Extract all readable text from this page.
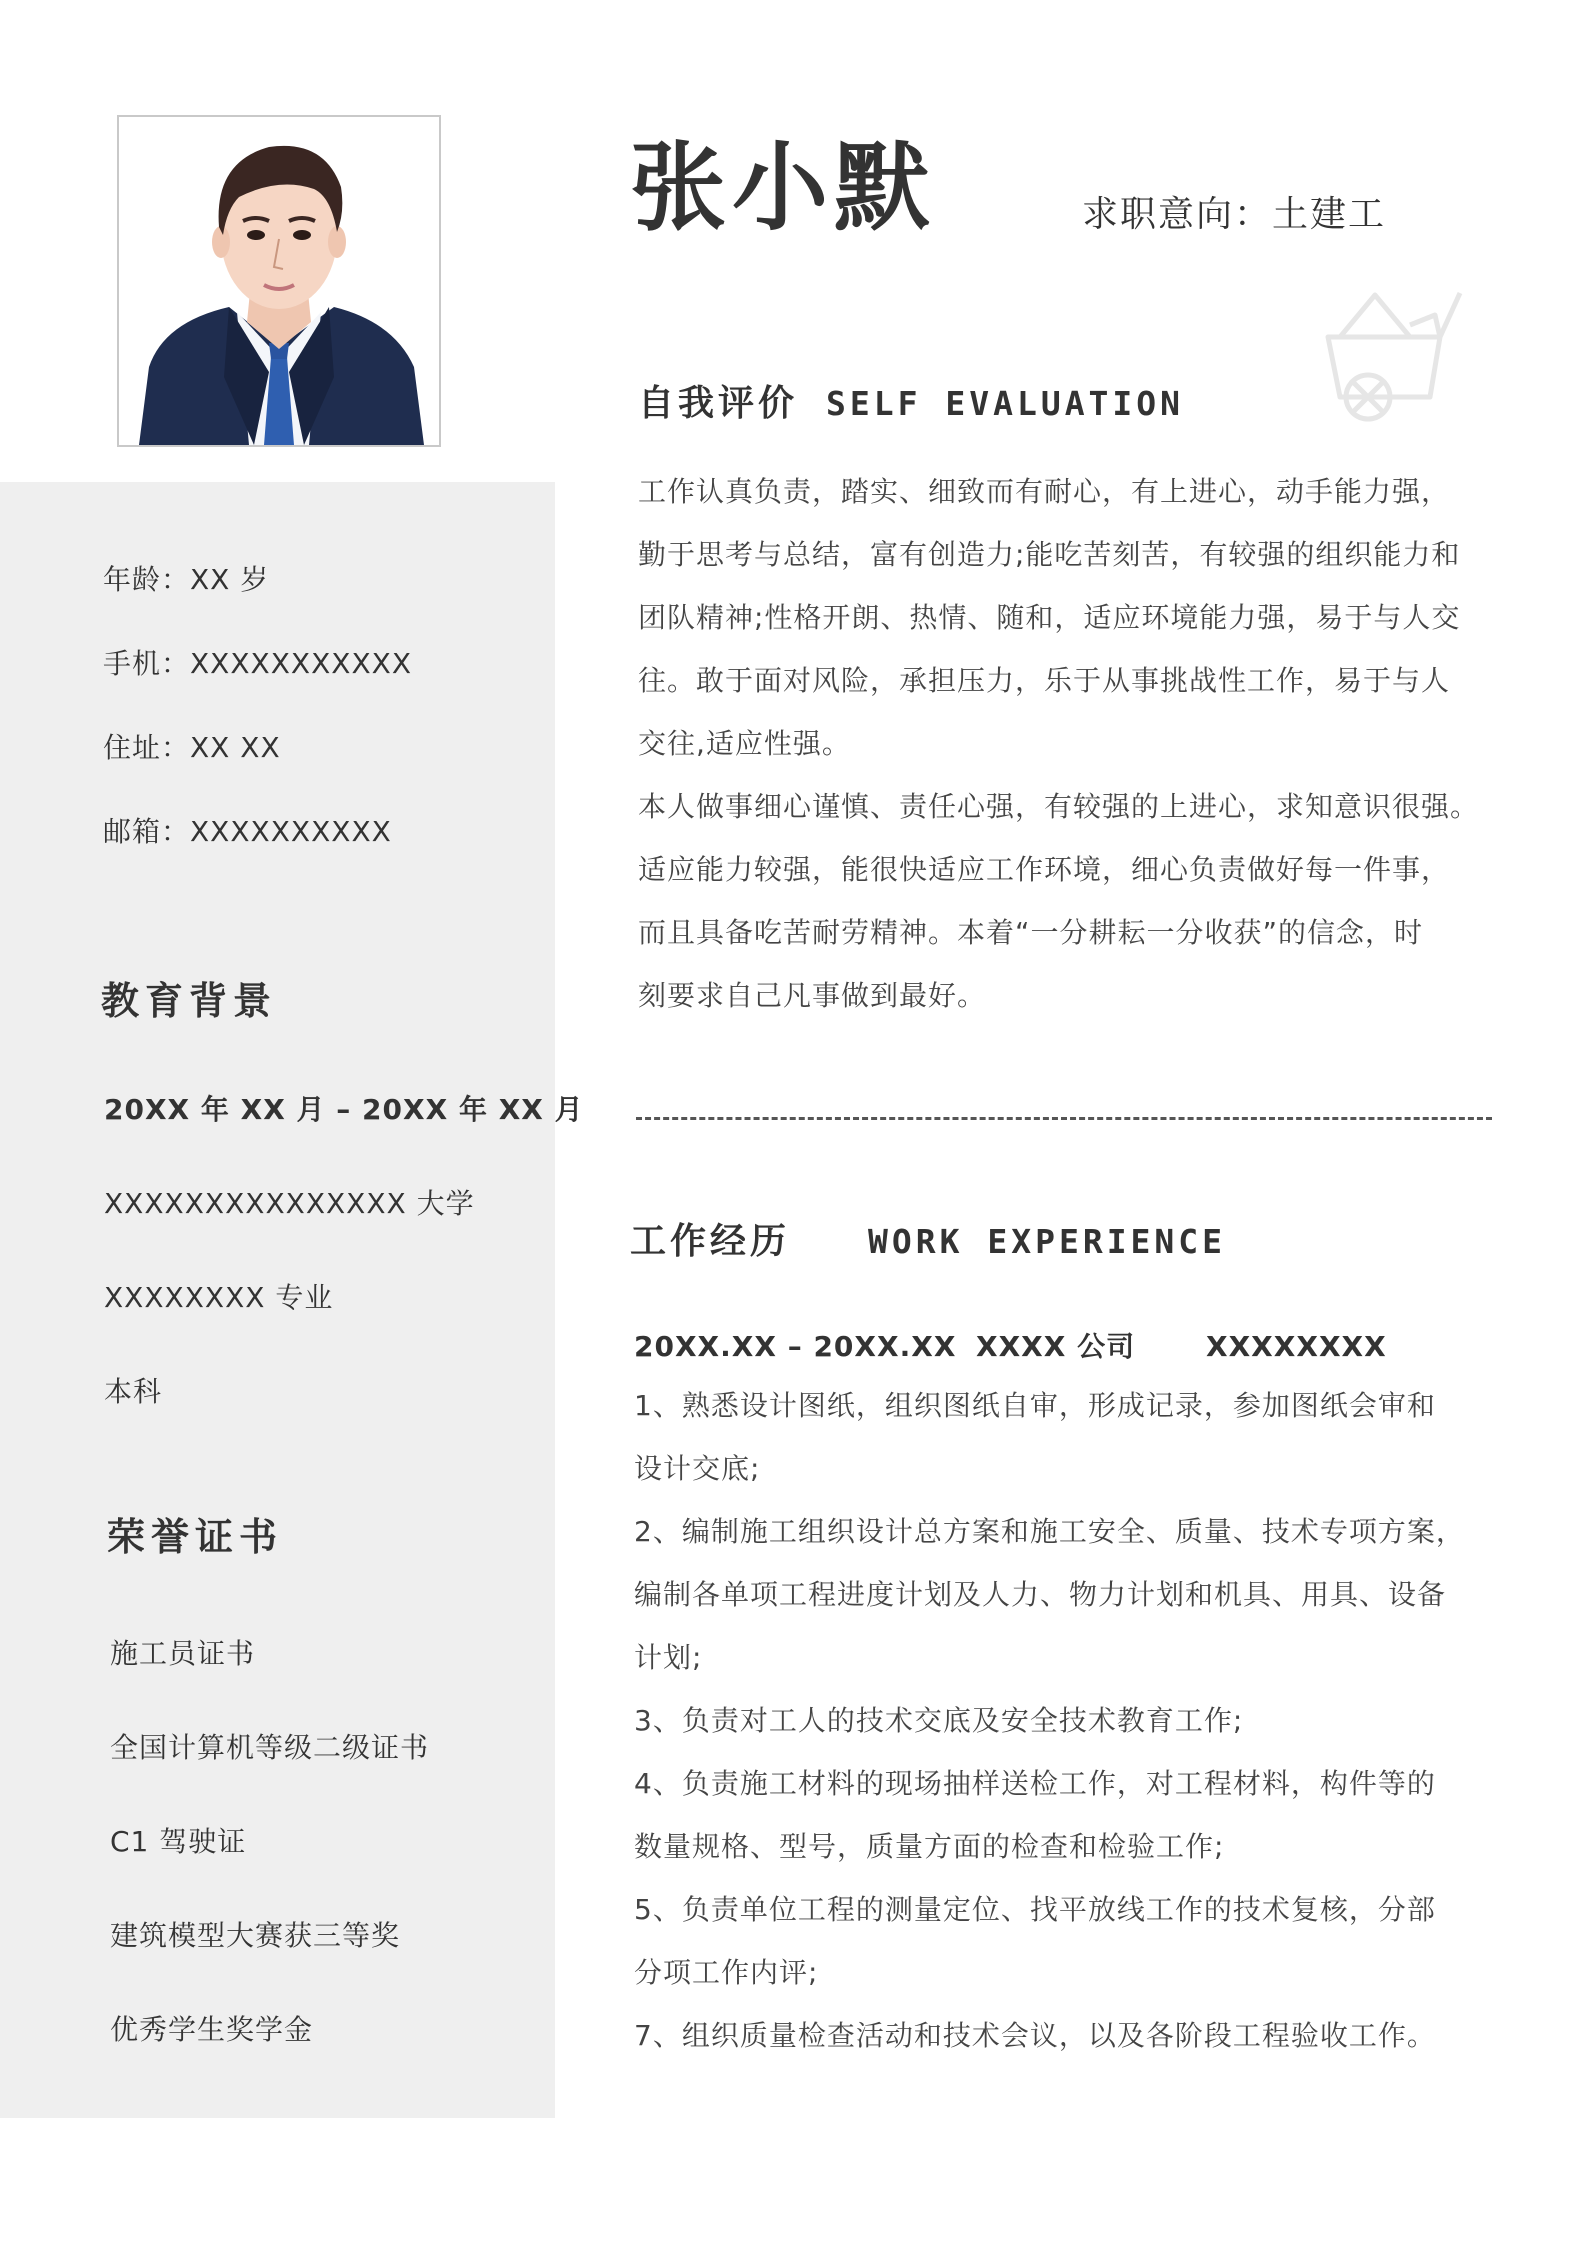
张小默	求职意向：土建工
年龄：XX 岁
手机：XXXXXXXXXXX
住址：XX XX
邮箱：XXXXXXXXXX
教育背景
20XX 年 XX 月 – 20XX 年 XX 月
XXXXXXXXXXXXXXX 大学
XXXXXXXX 专业
本科
荣誉证书
施工员证书
全国计算机等级二级证书
C1 驾驶证
建筑模型大赛获三等奖
优秀学生奖学金
自我评价 SELF EVALUATION

工作认真负责，踏实、细致而有耐心，有上进心，动手能力强，

勤于思考与总结，富有创造力;能吃苦刻苦，有较强的组织能力和

团队精神;性格开朗、热情、随和，适应环境能力强，易于与人交

往。敢于面对风险，承担压力，乐于从事挑战性工作，易于与人

交往,适应性强。

本人做事细心谨慎、责任心强，有较强的上进心，求知意识很强。

适应能力较强，能很快适应工作环境，细心负责做好每一件事，

而且具备吃苦耐劳精神。本着“一分耕耘一分收获”的信念，时

刻要求自己凡事做到最好。

工作经历 WORK EXPERIENCE
20XX.XX – 20XX.XX XXXX 公司	XXXXXXXX
1、熟悉设计图纸，组织图纸自审，形成记录，参加图纸会审和
设计交底;
2、编制施工组织设计总方案和施工安全、质量、技术专项方案，
编制各单项工程进度计划及人力、物力计划和机具、用具、设备
计划;
3、负责对工人的技术交底及安全技术教育工作;
4、负责施工材料的现场抽样送检工作，对工程材料，构件等的
数量规格、型号，质量方面的检查和检验工作;
5、负责单位工程的测量定位、找平放线工作的技术复核，分部
分项工作内评;
7、组织质量检查活动和技术会议，以及各阶段工程验收工作。
